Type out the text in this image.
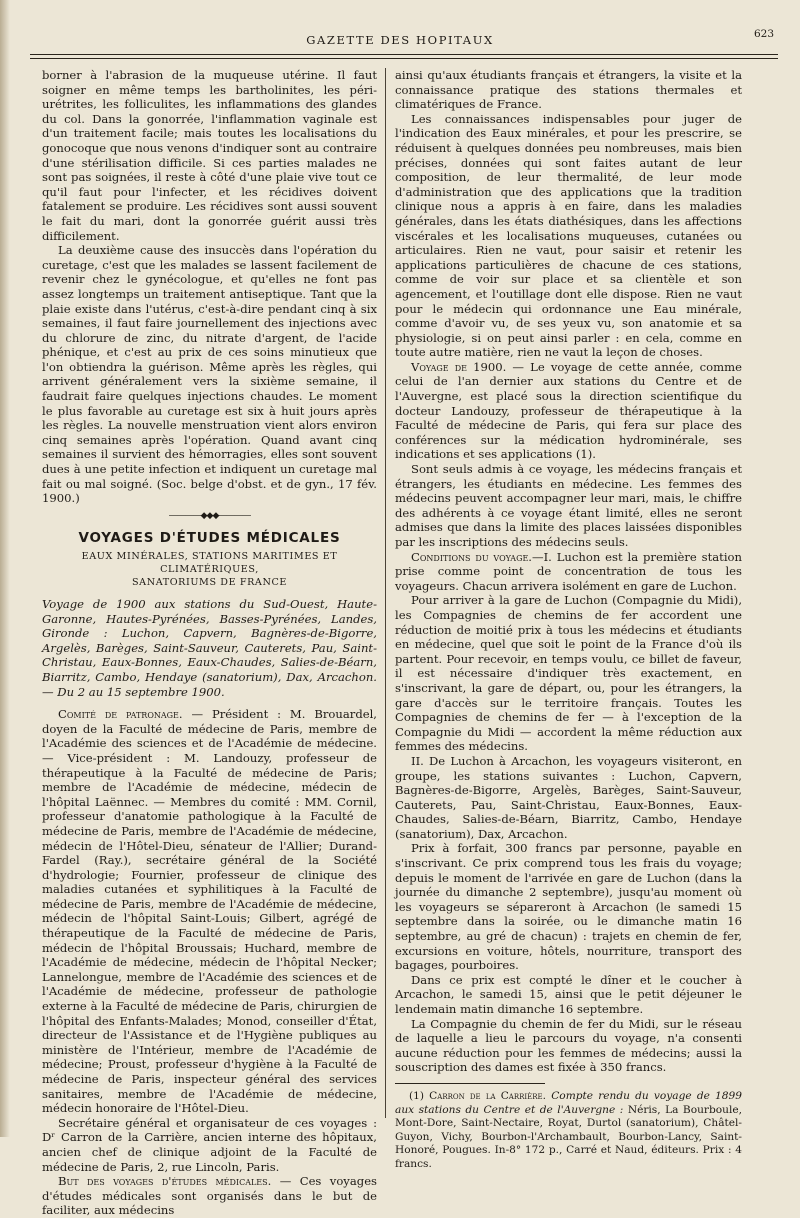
GAZETTE DES HOPITAUX	623

borner à l'abrasion de la muqueuse utérine. Il faut soigner en même temps les bartholinites, les péri-urétrites, les folliculites, les inflammations des glandes du col. Dans la gonorrée, l'inflammation vaginale est d'un traitement facile; mais toutes les localisations du gonocoque que nous venons d'indiquer sont au contraire d'une stérilisation difficile. Si ces parties malades ne sont pas soignées, il reste à côté d'une plaie vive tout ce qu'il faut pour l'infecter, et les récidives doivent fatalement se produire. Les récidives sont aussi souvent le fait du mari, dont la gonorrée guérit aussi très difficilement.

La deuxième cause des insuccès dans l'opération du curetage, c'est que les malades se lassent facilement de revenir chez le gynécologue, et qu'elles ne font pas assez longtemps un traitement antiseptique. Tant que la plaie existe dans l'utérus, c'est-à-dire pendant cinq à six semaines, il faut faire journellement des injections avec du chlorure de zinc, du nitrate d'argent, de l'acide phénique, et c'est au prix de ces soins minutieux que l'on obtiendra la guérison. Même après les règles, qui arrivent généralement vers la sixième semaine, il faudrait faire quelques injections chaudes. Le moment le plus favorable au curetage est six à huit jours après les règles. La nouvelle menstruation vient alors environ cinq semaines après l'opération. Quand avant cinq semaines il survient des hémorragies, elles sont souvent dues à une petite infection et indiquent un curetage mal fait ou mal soigné. (Soc. belge d'obst. et de gyn., 17 fév. 1900.)

————◆◆◆————
VOYAGES D'ÉTUDES MÉDICALES
EAUX MINÉRALES, STATIONS MARITIMES ET CLIMATÉRIQUES,
SANATORIUMS DE FRANCE

Voyage de 1900 aux stations du Sud-Ouest, Haute-Garonne, Hautes-Pyrénées, Basses-Pyrénées, Landes, Gironde : Luchon, Capvern, Bagnères-de-Bigorre, Argelès, Barèges, Saint-Sauveur, Cauterets, Pau, Saint-Christau, Eaux-Bonnes, Eaux-Chaudes, Salies-de-Béarn, Biarritz, Cambo, Hendaye (sanatorium), Dax, Arcachon. — Du 2 au 15 septembre 1900.

Comité de patronage. — Président : M. Brouardel, doyen de la Faculté de médecine de Paris, membre de l'Académie des sciences et de l'Académie de médecine. — Vice-président : M. Landouzy, professeur de thérapeutique à la Faculté de médecine de Paris; membre de l'Académie de médecine, médecin de l'hôpital Laënnec. — Membres du comité : MM. Cornil, professeur d'anatomie pathologique à la Faculté de médecine de Paris, membre de l'Académie de médecine, médecin de l'Hôtel-Dieu, sénateur de l'Allier; Durand-Fardel (Ray.), secrétaire général de la Société d'hydrologie; Fournier, professeur de clinique des maladies cutanées et syphilitiques à la Faculté de médecine de Paris, membre de l'Académie de médecine, médecin de l'hôpital Saint-Louis; Gilbert, agrégé de thérapeutique de la Faculté de médecine de Paris, médecin de l'hôpital Broussais; Huchard, membre de l'Académie de médecine, médecin de l'hôpital Necker; Lannelongue, membre de l'Académie des sciences et de l'Académie de médecine, professeur de pathologie externe à la Faculté de médecine de Paris, chirurgien de l'hôpital des Enfants-Malades; Monod, conseiller d'État, directeur de l'Assistance et de l'Hygiène publiques au ministère de l'Intérieur, membre de l'Académie de médecine; Proust, professeur d'hygiène à la Faculté de médecine de Paris, inspecteur général des services sanitaires, membre de l'Académie de médecine, médecin honoraire de l'Hôtel-Dieu.

Secrétaire général et organisateur de ces voyages : Dʳ Carron de la Carrière, ancien interne des hôpitaux, ancien chef de clinique adjoint de la Faculté de médecine de Paris, 2, rue Lincoln, Paris.

But des voyages d'études médicales. — Ces voyages d'études médicales sont organisés dans le but de faciliter, aux médecins

ainsi qu'aux étudiants français et étrangers, la visite et la connaissance pratique des stations thermales et climatériques de France.

Les connaissances indispensables pour juger de l'indication des Eaux minérales, et pour les prescrire, se réduisent à quelques données peu nombreuses, mais bien précises, données qui sont faites autant de leur composition, de leur thermalité, de leur mode d'administration que des applications que la tradition clinique nous a appris à en faire, dans les maladies générales, dans les états diathésiques, dans les affections viscérales et les localisations muqueuses, cutanées ou articulaires. Rien ne vaut, pour saisir et retenir les applications particulières de chacune de ces stations, comme de voir sur place et sa clientèle et son agencement, et l'outillage dont elle dispose. Rien ne vaut pour le médecin qui ordonnance une Eau minérale, comme d'avoir vu, de ses yeux vu, son anatomie et sa physiologie, si on peut ainsi parler : en cela, comme en toute autre matière, rien ne vaut la leçon de choses.

Voyage de 1900. — Le voyage de cette année, comme celui de l'an dernier aux stations du Centre et de l'Auvergne, est placé sous la direction scientifique du docteur Landouzy, professeur de thérapeutique à la Faculté de médecine de Paris, qui fera sur place des conférences sur la médication hydrominérale, ses indications et ses applications (1).

Sont seuls admis à ce voyage, les médecins français et étrangers, les étudiants en médecine. Les femmes des médecins peuvent accompagner leur mari, mais, le chiffre des adhérents à ce voyage étant limité, elles ne seront admises que dans la limite des places laissées disponibles par les inscriptions des médecins seuls.

Conditions du voyage.—I. Luchon est la première station prise comme point de concentration de tous les voyageurs. Chacun arrivera isolément en gare de Luchon.

Pour arriver à la gare de Luchon (Compagnie du Midi), les Compagnies de chemins de fer accordent une réduction de moitié prix à tous les médecins et étudiants en médecine, quel que soit le point de la France d'où ils partent. Pour recevoir, en temps voulu, ce billet de faveur, il est nécessaire d'indiquer très exactement, en s'inscrivant, la gare de départ, ou, pour les étrangers, la gare d'accès sur le territoire français. Toutes les Compagnies de chemins de fer — à l'exception de la Compagnie du Midi — accordent la même réduction aux femmes des médecins.

II. De Luchon à Arcachon, les voyageurs visiteront, en groupe, les stations suivantes : Luchon, Capvern, Bagnères-de-Bigorre, Argelès, Barèges, Saint-Sauveur, Cauterets, Pau, Saint-Christau, Eaux-Bonnes, Eaux-Chaudes, Salies-de-Béarn, Biarritz, Cambo, Hendaye (sanatorium), Dax, Arcachon.

Prix à forfait, 300 francs par personne, payable en s'inscrivant. Ce prix comprend tous les frais du voyage; depuis le moment de l'arrivée en gare de Luchon (dans la journée du dimanche 2 septembre), jusqu'au moment où les voyageurs se sépareront à Arcachon (le samedi 15 septembre dans la soirée, ou le dimanche matin 16 septembre, au gré de chacun) : trajets en chemin de fer, excursions en voiture, hôtels, nourriture, transport des bagages, pourboires.

Dans ce prix est compté le dîner et le coucher à Arcachon, le samedi 15, ainsi que le petit déjeuner le lendemain matin dimanche 16 septembre.

La Compagnie du chemin de fer du Midi, sur le réseau de laquelle a lieu le parcours du voyage, n'a consenti aucune réduction pour les femmes de médecins; aussi la souscription des dames est fixée à 350 francs.

(1) Carron de la Carrière. Compte rendu du voyage de 1899 aux stations du Centre et de l'Auvergne : Néris, La Bourboule, Mont-Dore, Saint-Nectaire, Royat, Durtol (sanatorium), Châtel-Guyon, Vichy, Bourbon-l'Archambault, Bourbon-Lancy, Saint-Honoré, Pougues. In-8° 172 p., Carré et Naud, éditeurs. Prix : 4 francs.
